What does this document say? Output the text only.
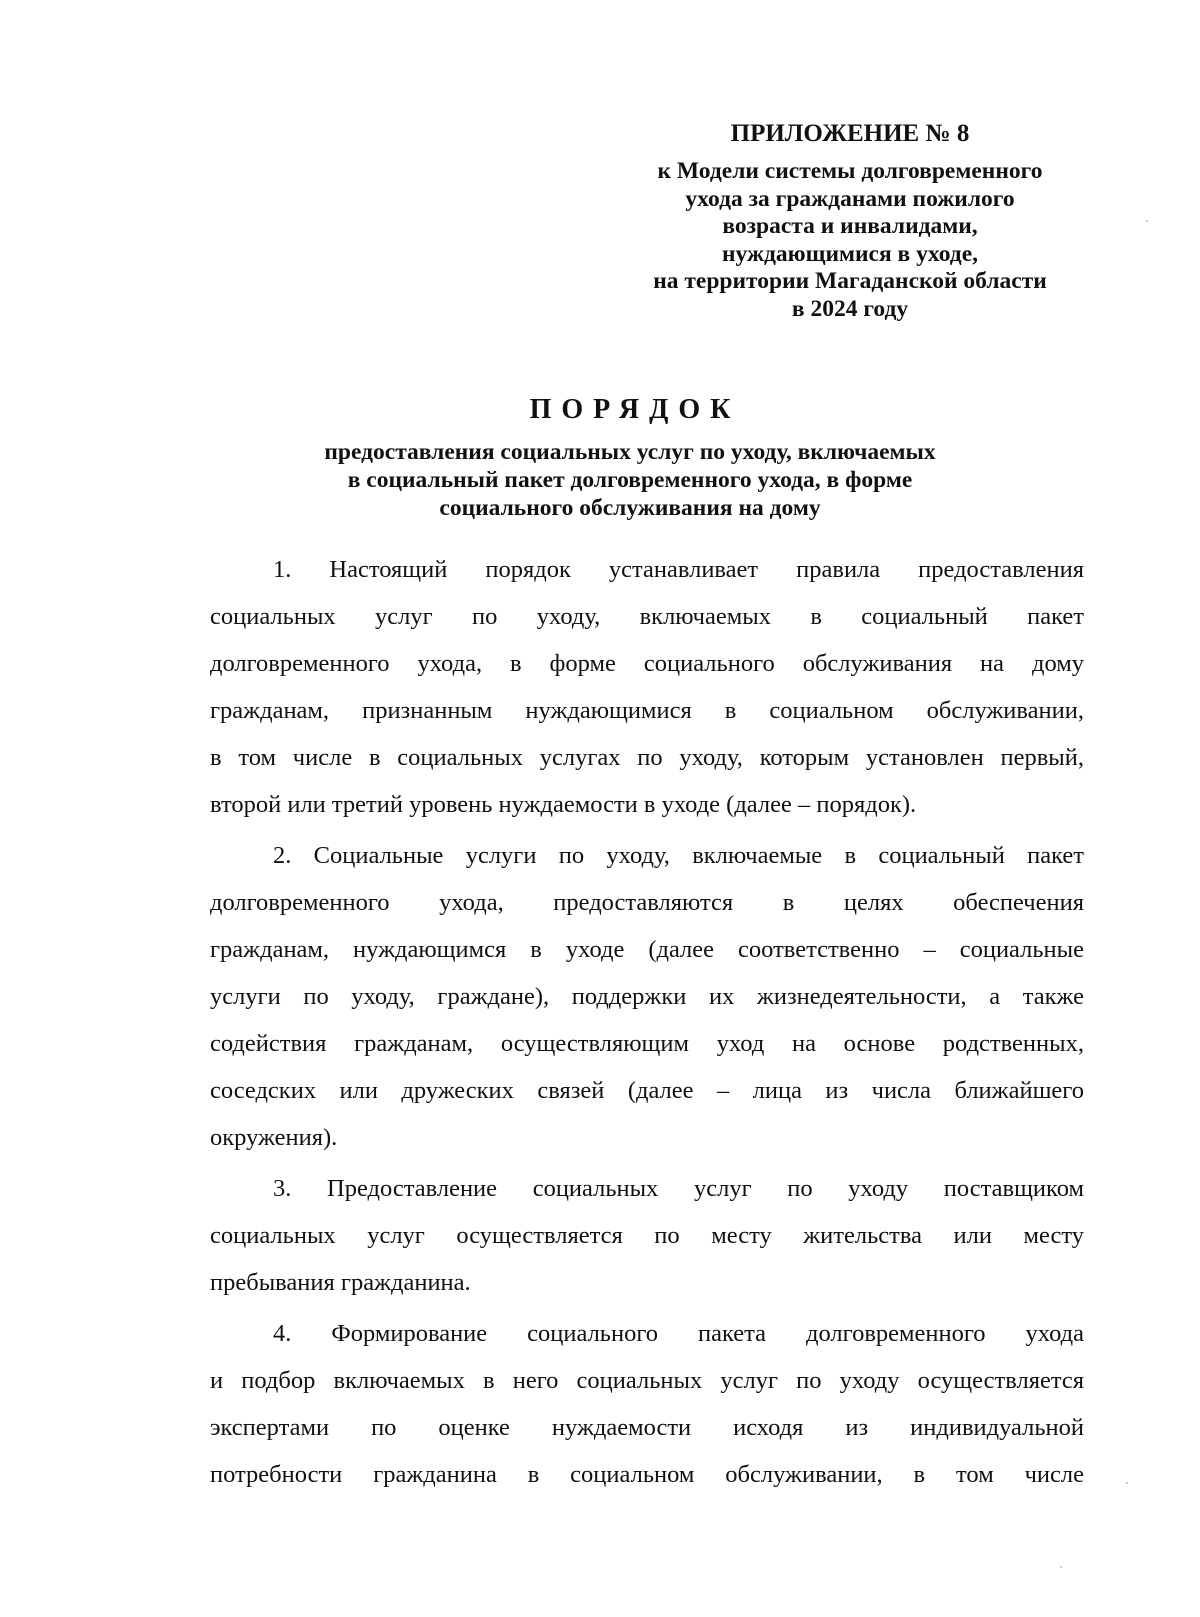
ПРИЛОЖЕНИЕ № 8
к Модели системы долговременного
ухода за гражданами пожилого
возраста и инвалидами,
нуждающимися в уходе,
на территории Магаданской области
в 2024 году
ПОРЯДОК
предоставления социальных услуг по уходу, включаемых
в социальный пакет долговременного ухода, в форме
социального обслуживания на дому
1. Настоящий порядок устанавливает правила предоставления
социальных услуг по уходу, включаемых в социальный пакет
долговременного ухода, в форме социального обслуживания на дому
гражданам, признанным нуждающимися в социальном обслуживании,
в том числе в социальных услугах по уходу, которым установлен первый,
второй или третий уровень нуждаемости в уходе (далее – порядок).
2. Социальные услуги по уходу, включаемые в социальный пакет
долговременного ухода, предоставляются в целях обеспечения
гражданам, нуждающимся в уходе (далее соответственно – социальные
услуги по уходу, граждане), поддержки их жизнедеятельности, а также
содействия гражданам, осуществляющим уход на основе родственных,
соседских или дружеских связей (далее – лица из числа ближайшего
окружения).
3. Предоставление социальных услуг по уходу поставщиком
социальных услуг осуществляется по месту жительства или месту
пребывания гражданина.
4. Формирование социального пакета долговременного ухода
и подбор включаемых в него социальных услуг по уходу осуществляется
экспертами по оценке нуждаемости исходя из индивидуальной
потребности гражданина в социальном обслуживании, в том числе
